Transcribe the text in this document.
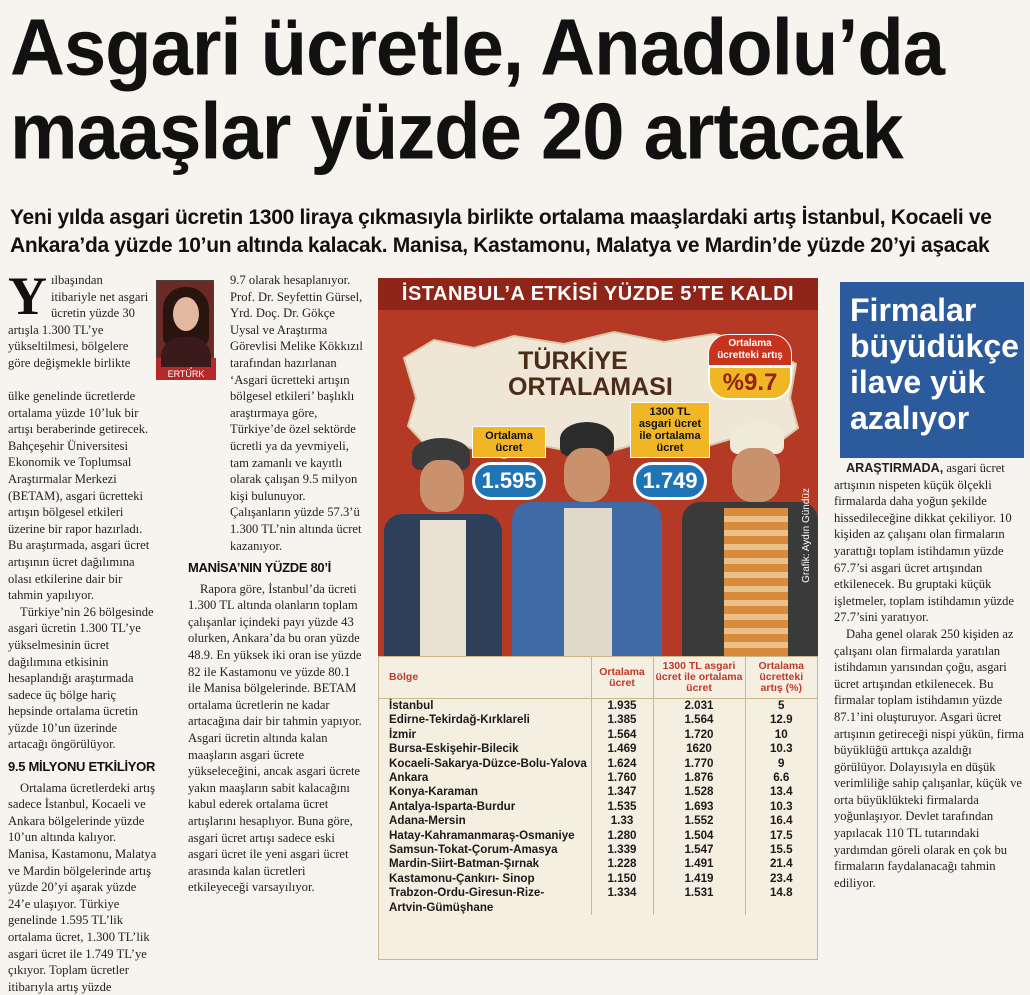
Asgari ücretle, Anadolu’da
maaşlar yüzde 20 artacak
Yeni yılda asgari ücretin 1300 liraya çıkmasıyla birlikte ortalama maaşlardaki artış İstanbul, Kocaeli ve Ankara’da yüzde 10’un altında kalacak. Manisa, Kastamonu, Malatya ve Mardin’de yüzde 20’yi aşacak
ERTÜRK
Y ılbaşından itibariyle net asgari ücretin yüzde 30 artışla 1.300 TL’ye yükseltilmesi, bölgelere göre değişmekle birlikte

ülke genelinde ücretlerde ortalama yüzde 10’luk bir artışı beraberinde getirecek. Bahçeşehir Üniversitesi Ekonomik ve Toplumsal Araştırmalar Merkezi (BETAM), asgari ücretteki artışın bölgesel etkileri üzerine bir rapor hazırladı. Bu araştırmada, asgari ücret artışının ücret dağılımına olası etkilerine dair bir tahmin yapılıyor.

Türkiye’nin 26 bölgesinde asgari ücretin 1.300 TL’ye yükselmesinin ücret dağılımına etkisinin hesaplandığı araştırmada sadece üç bölge hariç hepsinde ortalama ücretin yüzde 10’un üzerinde artacağı öngörülüyor.

9.5 MİLYONU ETKİLİYOR

Ortalama ücretlerdeki artış sadece İstanbul, Kocaeli ve Ankara bölgelerinde yüzde 10’un altında kalıyor. Manisa, Kastamonu, Malatya ve Mardin bölgelerinde artış yüzde 20’yi aşarak yüzde 24’e ulaşıyor. Türkiye genelinde 1.595 TL’lik ortalama ücret, 1.300 TL’lik asgari ücret ile 1.749 TL’ye çıkıyor. Toplam ücretler itibarıyla artış yüzde

9.7 olarak hesaplanıyor. Prof. Dr. Seyfettin Gürsel, Yrd. Doç. Dr. Gökçe Uysal ve Araştırma Görevlisi Melike Kökkızıl tarafından hazırlanan ‘Asgari ücretteki artışın bölgesel etkileri’ başlıklı araştırmaya göre, Türkiye’de özel sektörde ücretli ya da yevmiyeli, tam zamanlı ve kayıtlı olarak çalışan 9.5 milyon kişi bulunuyor. Çalışanların yüzde 57.3’ü 1.300 TL’nin altında ücret kazanıyor.

MANİSA’NIN YÜZDE 80’İ

Rapora göre, İstanbul’da ücreti 1.300 TL altında olanların toplam çalışanlar içindeki payı yüzde 43 olurken, Ankara’da bu oran yüzde 48.9. En yüksek iki oran ise yüzde 82 ile Kastamonu ve yüzde 80.1 ile Manisa bölgelerinde. BETAM ortalama ücretlerin ne kadar artacağına dair bir tahmin yapıyor. Asgari ücretin altında kalan maaşların asgari ücrete yükseleceğini, ancak asgari ücrete yakın maaşların sabit kalacağını kabul ederek ortalama ücret artışlarını hesaplıyor. Buna göre, asgari ücret artışı sadece eski asgari ücret ile yeni asgari ücret arasında kalan ücretleri etkileyeceği varsayılıyor.

İSTANBUL’A ETKİSİ YÜZDE 5’TE KALDI
TÜRKİYE
ORTALAMASI
Ortalama ücret
1.595
1300 TL asgari ücret ile ortalama ücret
1.749
Ortalama ücretteki artış
%9.7
Grafik: Aydın Gündüz
Bölge	Ortalama ücret	1300 TL asgari ücret ile ortalama ücret	Ortalama ücretteki artış (%)
İstanbul	1.935	2.031	5
Edirne-Tekirdağ-Kırklareli	1.385	1.564	12.9
İzmir	1.564	1.720	10
Bursa-Eskişehir-Bilecik	1.469	1620	10.3
Kocaeli-Sakarya-Düzce-Bolu-Yalova	1.624	1.770	9
Ankara	1.760	1.876	6.6
Konya-Karaman	1.347	1.528	13.4
Antalya-Isparta-Burdur	1.535	1.693	10.3
Adana-Mersin	1.33	1.552	16.4
Hatay-Kahramanmaraş-Osmaniye	1.280	1.504	17.5
Samsun-Tokat-Çorum-Amasya	1.339	1.547	15.5
Mardin-Siirt-Batman-Şırnak	1.228	1.491	21.4
Kastamonu-Çankırı- Sinop	1.150	1.419	23.4
Trabzon-Ordu-Giresun-Rize-	1.334	1.531	14.8
Artvin-Gümüşhane			
Firmalar büyüdükçe ilave yük azalıyor

ARAŞTIRMADA, asgari ücret artışının nispeten küçük ölçekli firmalarda daha yoğun şekilde hissedileceğine dikkat çekiliyor. 10 kişiden az çalışanı olan firmaların yarattığı toplam istihdamın yüzde 67.7’si asgari ücret artışından etkilenecek. Bu gruptaki küçük işletmeler, toplam istihdamın yüzde 27.7’sini yaratıyor.

Daha genel olarak 250 kişiden az çalışanı olan firmalarda yaratılan istihdamın yarısından çoğu, asgari ücret artışından etkilenecek. Bu firmalar toplam istihdamın yüzde 87.1’ini oluşturuyor. Asgari ücret artışının getireceği nispi yükün, firma büyüklüğü arttıkça azaldığı görülüyor. Dolayısıyla en düşük verimliliğe sahip çalışanlar, küçük ve orta büyüklükteki firmalarda yoğunlaşıyor. Devlet tarafından yapılacak 110 TL tutarındaki yardımdan göreli olarak en çok bu firmaların faydalanacağı tahmin ediliyor.
